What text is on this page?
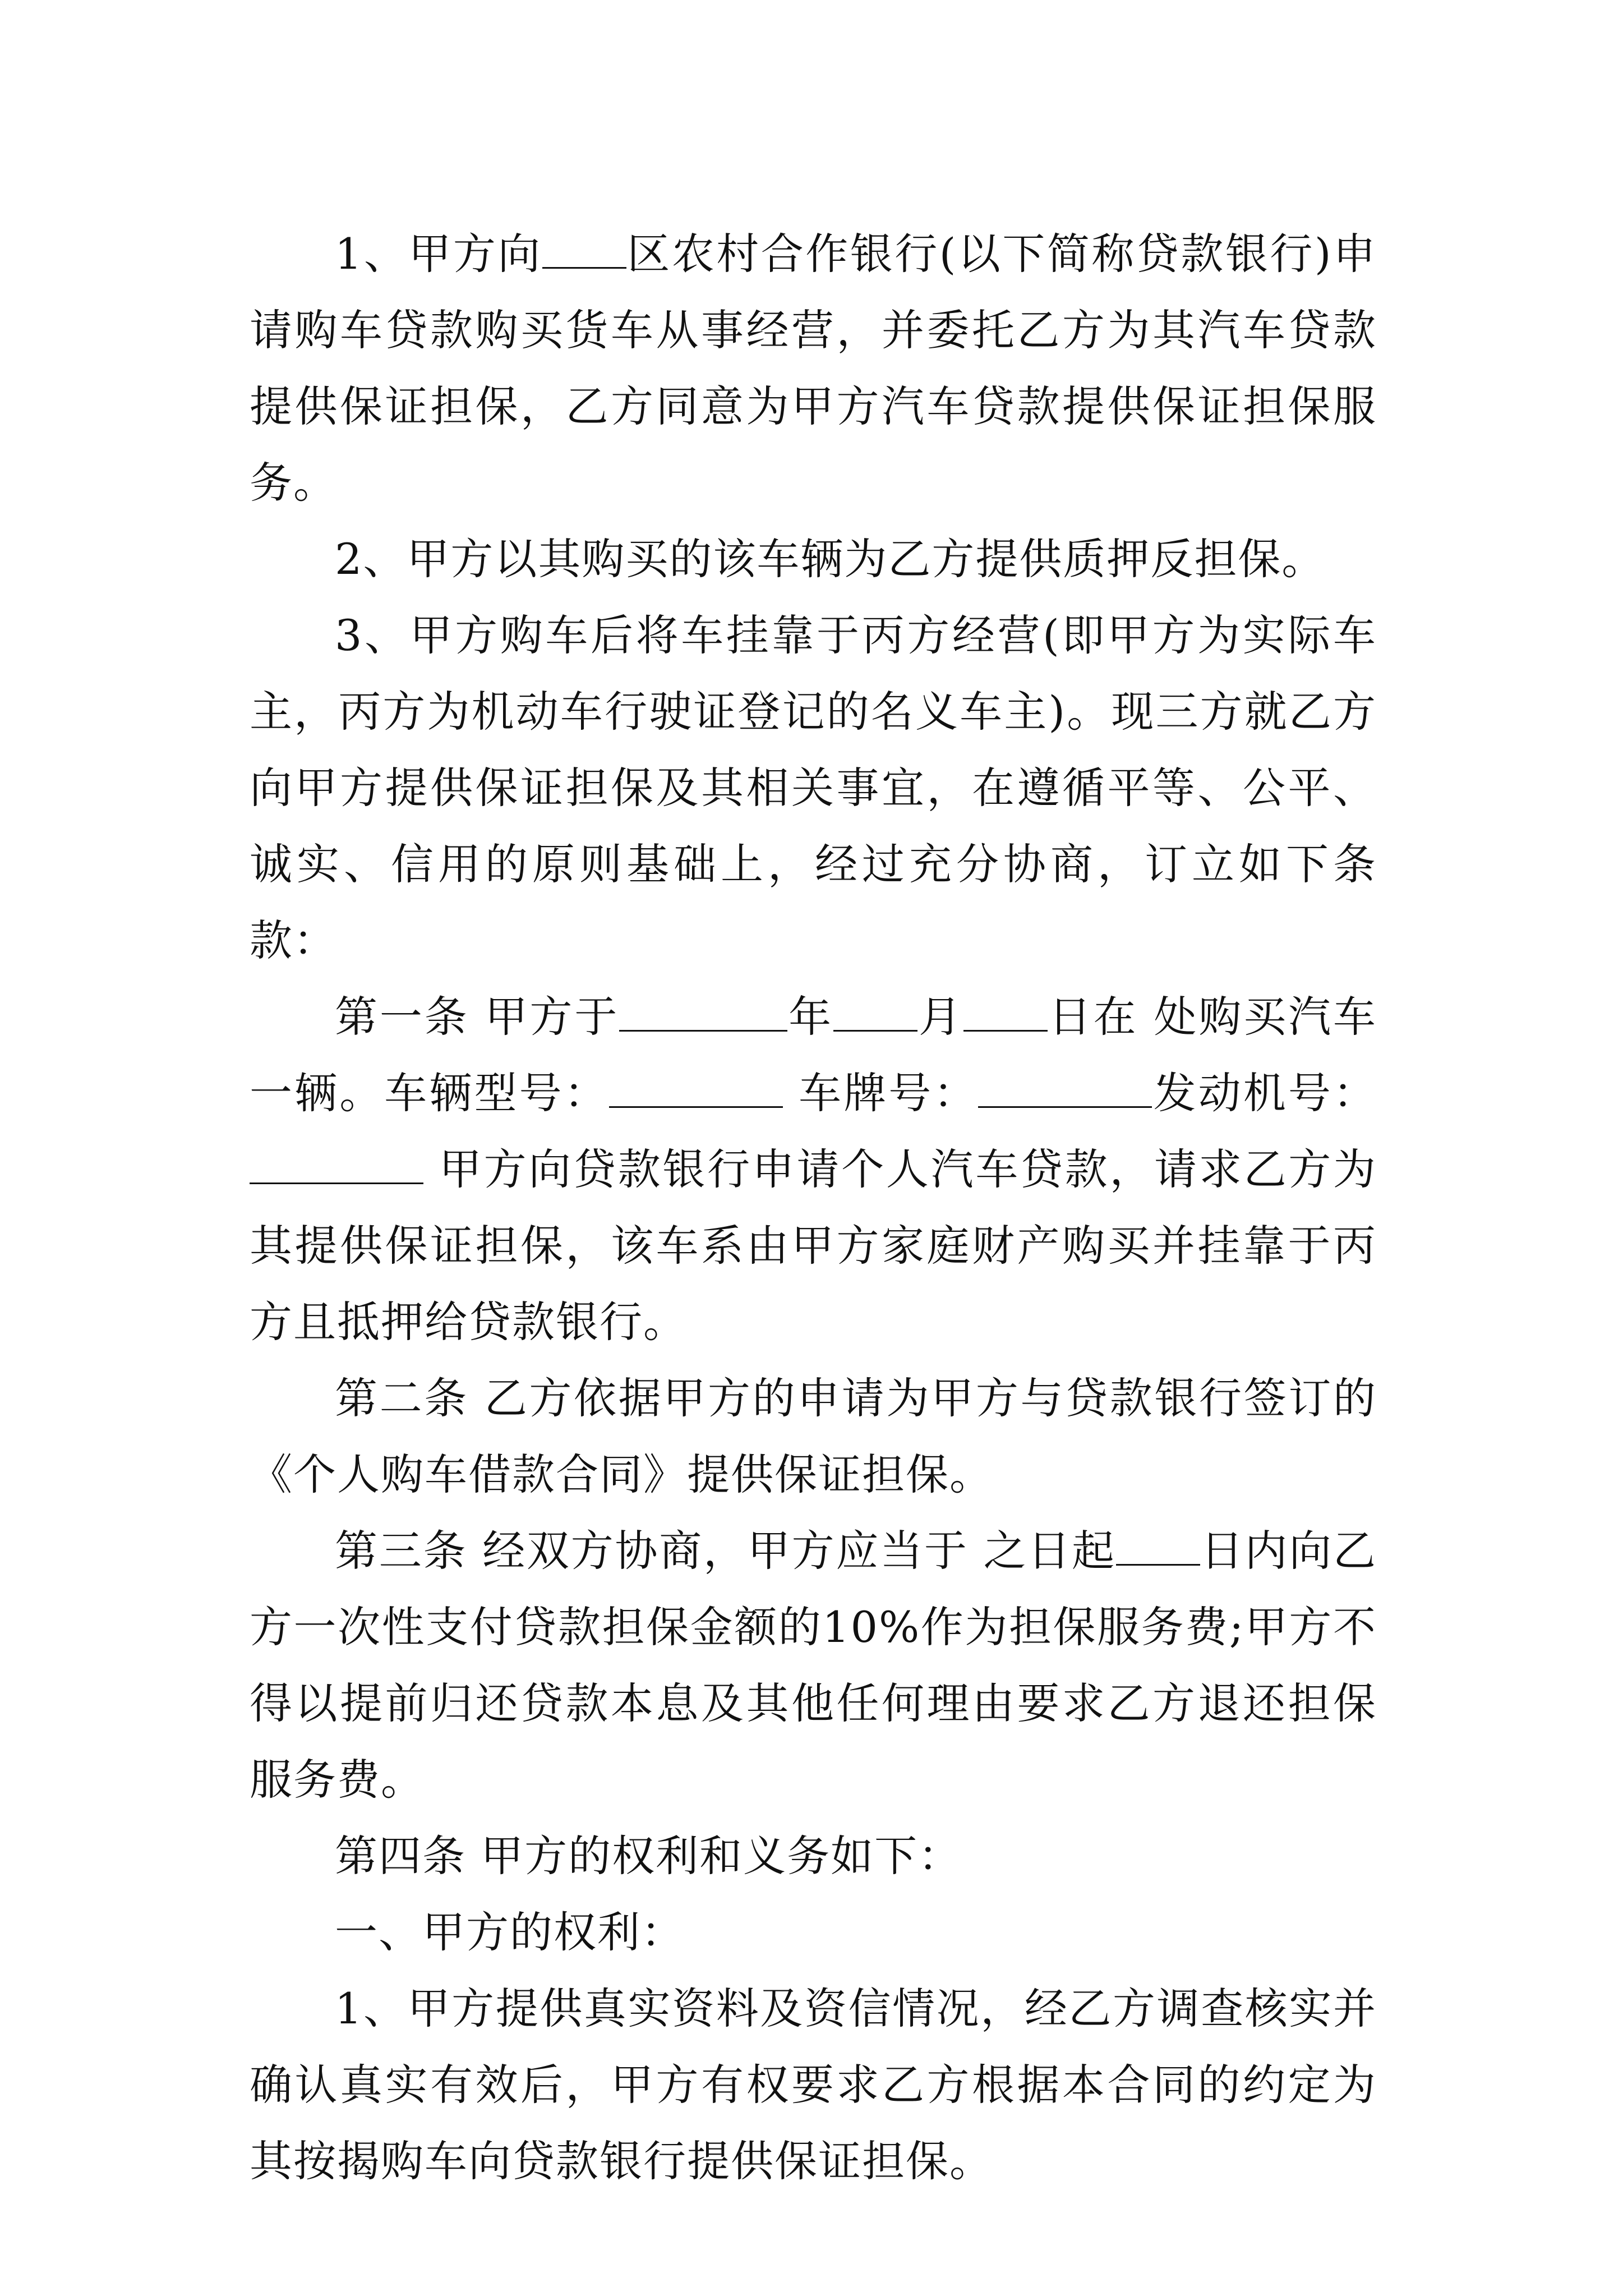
1、甲方向 区农村合作银行(以下简称贷款银行)申请购车贷款购买货车从事经营，并委托乙方为其汽车贷款提供保证担保，乙方同意为甲方汽车贷款提供保证担保服务。

2、甲方以其购买的该车辆为乙方提供质押反担保。

3、甲方购车后将车挂靠于丙方经营(即甲方为实际车主，丙方为机动车行驶证登记的名义车主)。现三方就乙方向甲方提供保证担保及其相关事宜，在遵循平等、公平、诚实、信用的原则基础上，经过充分协商，订立如下条款：

第一条 甲方于	年 月 日在 处购买汽车一辆。车辆型号：	车牌号：	发动机号： 甲方向贷款银行申请个人汽车贷款，请求乙方为其提供保证担保，该车系由甲方家庭财产购买并挂靠于丙方且抵押给贷款银行。

第二条 乙方依据甲方的申请为甲方与贷款银行签订的《个人购车借款合同》提供保证担保。

第三条 经双方协商，甲方应当于 之日起 日内向乙方一次性支付贷款担保金额的10%作为担保服务费;甲方不得以提前归还贷款本息及其他任何理由要求乙方退还担保服务费。

第四条 甲方的权利和义务如下：

一、甲方的权利：

1、甲方提供真实资料及资信情况，经乙方调查核实并确认真实有效后，甲方有权要求乙方根据本合同的约定为其按揭购车向贷款银行提供保证担保。
